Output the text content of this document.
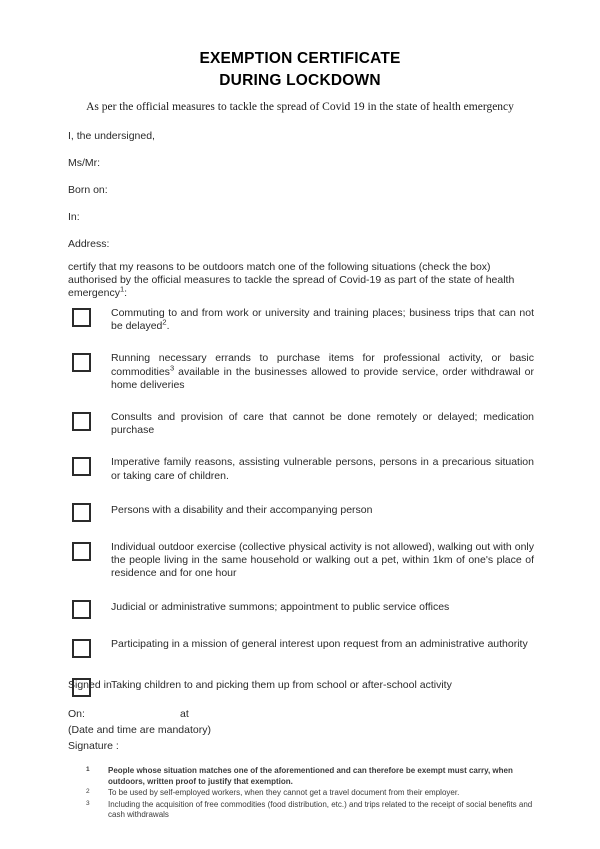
EXEMPTION CERTIFICATE
DURING LOCKDOWN
As per the official measures to tackle the spread of Covid 19 in the state of health emergency
I, the undersigned,
Ms/Mr:
Born on:
In:
Address:
certify that my reasons to be outdoors match one of the following situations (check the box) authorised by the official measures to tackle the spread of Covid-19 as part of the state of health emergency$^1$:
Commuting to and from work or university and training places; business trips that can not be delayed$^2$.
Running necessary errands to purchase items for professional activity, or basic commodities$^3$ available in the businesses allowed to provide service, order withdrawal or home deliveries
Consults and provision of care that cannot be done remotely or delayed; medication purchase
Imperative family reasons, assisting vulnerable persons, persons in a precarious situation or taking care of children.
Persons with a disability and their accompanying person
Individual outdoor exercise (collective physical activity is not allowed), walking out with only the people living in the same household or walking out a pet, within 1km of one's place of residence and for one hour
Judicial or administrative summons; appointment to public service offices
Participating in a mission of general interest upon request from an administrative authority
Taking children to and picking them up from school or after-school activity
Signed in
On:	at
(Date and time are mandatory)
Signature :
1 People whose situation matches one of the aforementioned and can therefore be exempt must carry, when outdoors, written proof to justify that exemption.
2 To be used by self-employed workers, when they cannot get a travel document from their employer.
3 Including the acquisition of free commodities (food distribution, etc.) and trips related to the receipt of social benefits and cash withdrawals
